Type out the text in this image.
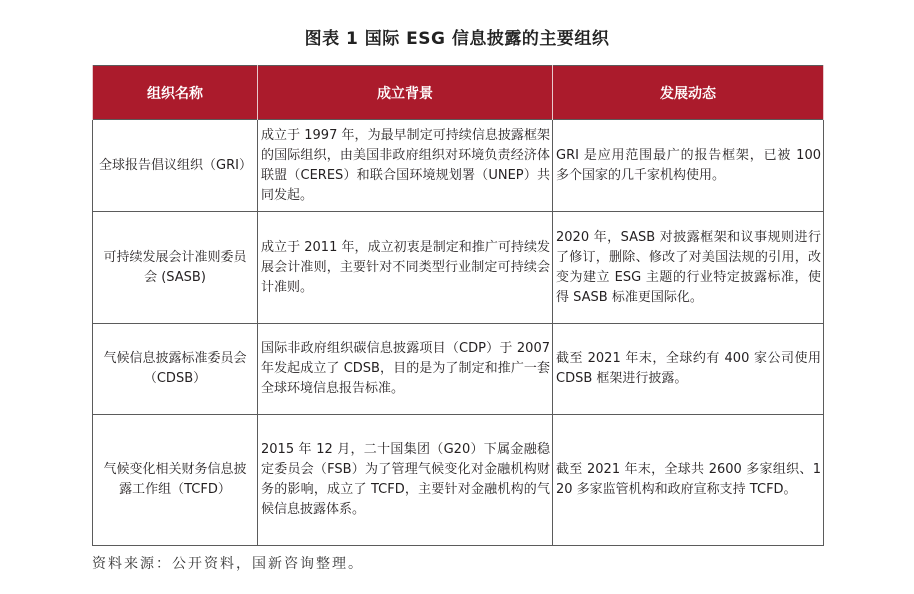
图表 1 国际 ESG 信息披露的主要组织
组织名称	成立背景	发展动态
全球报告倡议组织（GRI）	成立于 1997 年，为最早制定可持续信息披露框架的国际组织，由美国非政府组织对环境负责经济体联盟（CERES）和联合国环境规划署（UNEP）共同发起。	GRI 是应用范围最广的报告框架，已被 100 多个国家的几千家机构使用。
可持续发展会计准则委员会 (SASB)	成立于 2011 年，成立初衷是制定和推广可持续发展会计准则，主要针对不同类型行业制定可持续会计准则。	2020 年，SASB 对披露框架和议事规则进行了修订，删除、修改了对美国法规的引用，改变为建立 ESG 主题的行业特定披露标准，使得 SASB 标准更国际化。
气候信息披露标准委员会（CDSB）	国际非政府组织碳信息披露项目（CDP）于 2007 年发起成立了 CDSB，目的是为了制定和推广一套全球环境信息报告标准。	截至 2021 年末，全球约有 400 家公司使用 CDSB 框架进行披露。
气候变化相关财务信息披露工作组（TCFD）	2015 年 12 月，二十国集团（G20）下属金融稳定委员会（FSB）为了管理气候变化对金融机构财务的影响，成立了 TCFD，主要针对金融机构的气候信息披露体系。	截至 2021 年末，全球共 2600 多家组织、120 多家监管机构和政府宣称支持 TCFD。
资料来源：公开资料，国新咨询整理。
